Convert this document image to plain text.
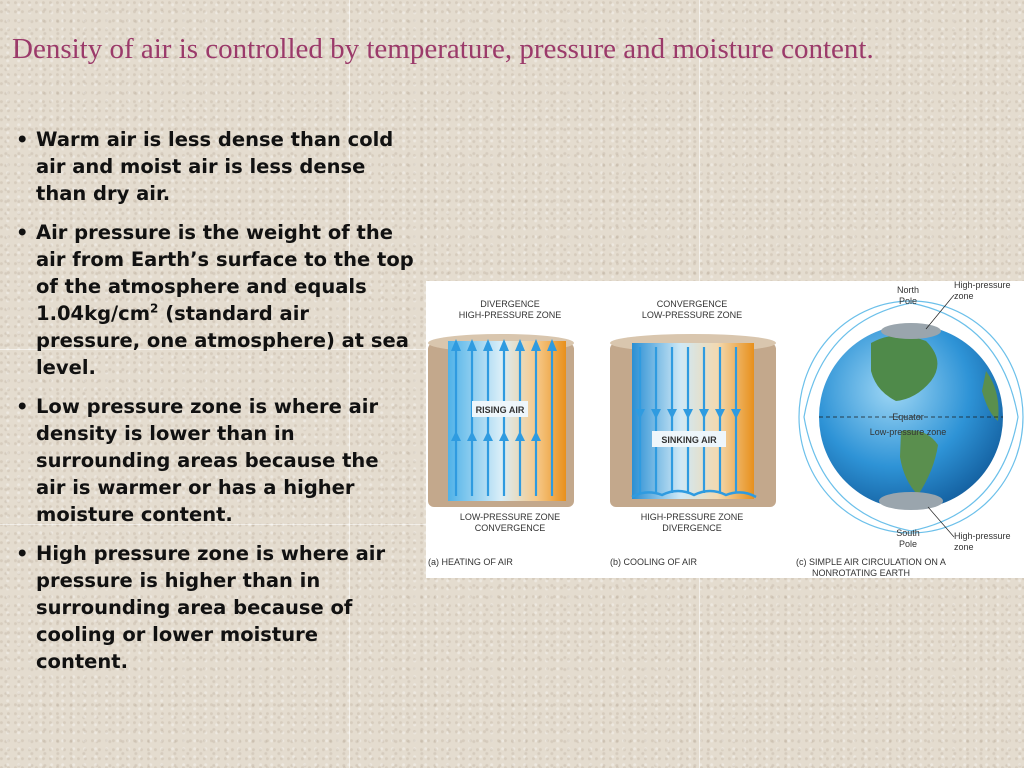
Density of air is controlled by temperature, pressure and moisture content.
• Warm air is less dense than cold air and moist air is less dense than dry air.
• Air pressure is the weight of the air from Earth’s surface to the top of the atmosphere and equals $1.04kg/cm^2$ (standard air pressure, one atmosphere) at sea level.
• Low pressure zone is where air density is lower than in surrounding areas because the air is warmer or has a higher moisture content.
• High pressure zone is where air pressure is higher than in surrounding area because of cooling or lower moisture content.
RISING AIR
DIVERGENCE
HIGH-PRESSURE ZONE
LOW-PRESSURE ZONE
CONVERGENCE
(a) HEATING OF AIR
SINKING AIR
CONVERGENCE
LOW-PRESSURE ZONE
HIGH-PRESSURE ZONE
DIVERGENCE
(b) COOLING OF AIR
North
Pole
High-pressure
zone
Equator
Low-pressure zone
South
Pole
High-pressure
zone
(c) SIMPLE AIR CIRCULATION ON A
NONROTATING EARTH
